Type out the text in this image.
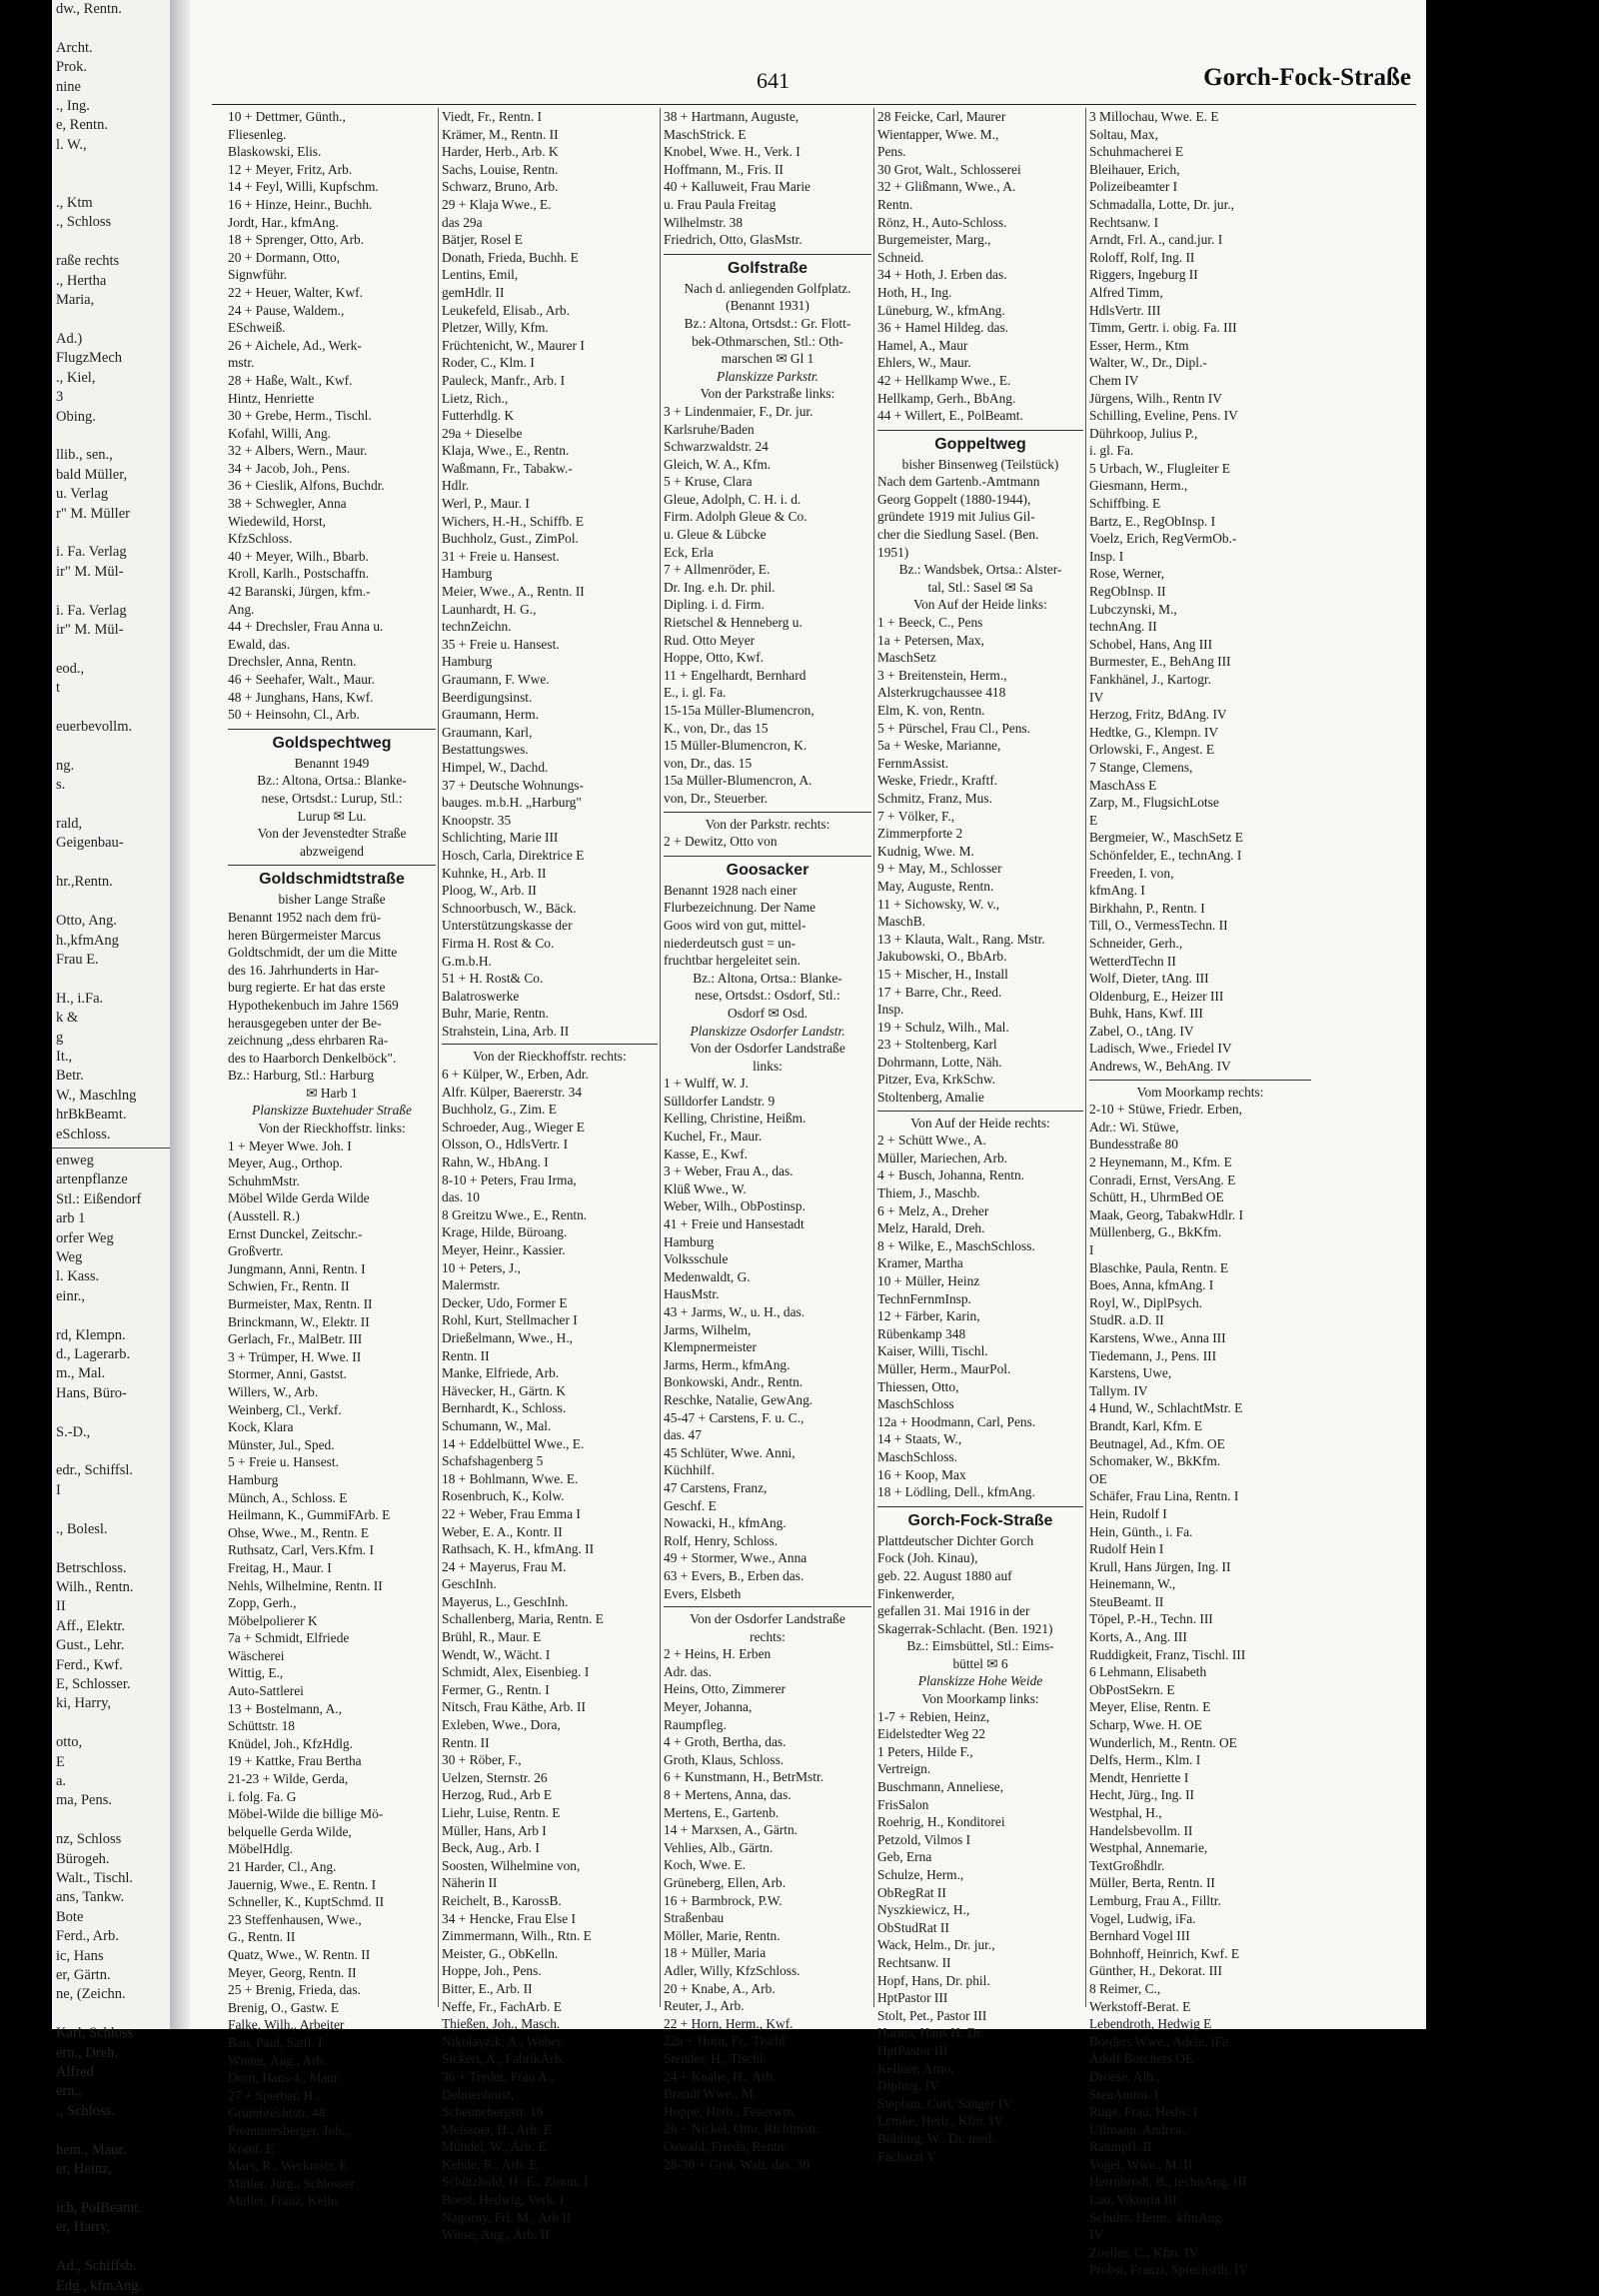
dw., Rentn.

Archt.
Prok.
nine
., Ing.
e, Rentn.
l. W.,

., Ktm
., Schloss

raße rechts
., Hertha
Maria,

Ad.)
FlugzMech
., Kiel,
3
Obing.

llib., sen.,
bald Müller,
u. Verlag
r" M. Müller

i. Fa. Verlag
ir" M. Mül-

i. Fa. Verlag
ir" M. Mül-

eod.,
t

euerbevollm.

ng.
s.

rald,
Geigenbau-

hr.,Rentn.

Otto, Ang.
h.,kfmAng
Frau E.

H., i.Fa.
k &
g
It.,
Betr.
W., Maschlng
hrBkBeamt.
eSchloss.
enweg
artenpflanze
Stl.: Eißendorf
arb 1
orfer Weg
Weg
l. Kass.
einr.,

rd, Klempn.
d., Lagerarb.
m., Mal.
Hans, Büro-

S.-D.,

edr., Schiffsl.
I

., Bolesl.

Betrschloss.
Wilh., Rentn.
II
Aff., Elektr.
Gust., Lehr.
Ferd., Kwf.
E, Schlosser.
ki, Harry,

otto,
E
a.
ma, Pens.

nz, Schloss
Bürogeh.
Walt., Tischl.
ans, Tankw.
Bote
Ferd., Arb.
ic, Hans
er, Gärtn.
ne, (Zeichn.

Karl, Schloss
ern., Dreh.
Alfred
ern.,
., Schloss.

hem., Maur.
er, Heinz,

ich, PolBeamt.
er, Harry,

Ad., Schiffsb.
Edg., kfmAng.
641	Gorch-Fock-Straße
10 + Dettmer, Günth.,
Fliesenleg.
Blaskowski, Elis.
12 + Meyer, Fritz, Arb.
14 + Feyl, Willi, Kupfschm.
16 + Hinze, Heinr., Buchh.
Jordt, Har., kfmAng.
18 + Sprenger, Otto, Arb.
20 + Dormann, Otto,
Signwführ.
22 + Heuer, Walter, Kwf.
24 + Pause, Waldem.,
ESchweiß.
26 + Aichele, Ad., Werk-
mstr.
28 + Haße, Walt., Kwf.
Hintz, Henriette
30 + Grebe, Herm., Tischl.
Kofahl, Willi, Ang.
32 + Albers, Wern., Maur.
34 + Jacob, Joh., Pens.
36 + Cieslik, Alfons, Buchdr.
38 + Schwegler, Anna
Wiedewild, Horst,
KfzSchloss.
40 + Meyer, Wilh., Bbarb.
Kroll, Karlh., Postschaffn.
42 Baranski, Jürgen, kfm.-
Ang.
44 + Drechsler, Frau Anna u.
Ewald, das.
Drechsler, Anna, Rentn.
46 + Seehafer, Walt., Maur.
48 + Junghans, Hans, Kwf.
50 + Heinsohn, Cl., Arb.
Goldspechtweg
Benannt 1949
Bz.: Altona, Ortsa.: Blanke-
nese, Ortsdst.: Lurup, Stl.:
Lurup ✉ Lu.
Von der Jevenstedter Straße
abzweigend
Goldschmidtstraße
bisher Lange Straße
Benannt 1952 nach dem frü-
heren Bürgermeister Marcus
Goldtschmidt, der um die Mitte
des 16. Jahrhunderts in Har-
burg regierte. Er hat das erste
Hypothekenbuch im Jahre 1569
herausgegeben unter der Be-
zeichnung „dess ehrbaren Ra-
des to Haarborch Denkelböck".
Bz.: Harburg, Stl.: Harburg
✉ Harb 1
Planskizze Buxtehuder Straße
Von der Rieckhoffstr. links:
1 + Meyer Wwe. Joh. I
Meyer, Aug., Orthop.
SchuhmMstr.
Möbel Wilde Gerda Wilde
(Ausstell. R.)
Ernst Dunckel, Zeitschr.-
Großvertr.
Jungmann, Anni, Rentn. I
Schwien, Fr., Rentn. II
Burmeister, Max, Rentn. II
Brinckmann, W., Elektr. II
Gerlach, Fr., MalBetr. III
3 + Trümper, H. Wwe. II
Stormer, Anni, Gastst.
Willers, W., Arb.
Weinberg, Cl., Verkf.
Kock, Klara
Münster, Jul., Sped.
5 + Freie u. Hansest.
Hamburg
Münch, A., Schloss. E
Heilmann, K., GummiFArb. E
Ohse, Wwe., M., Rentn. E
Ruthsatz, Carl, Vers.Kfm. I
Freitag, H., Maur. I
Nehls, Wilhelmine, Rentn. II
Zopp, Gerh.,
Möbelpolierer K
7a + Schmidt, Elfriede
Wäscherei
Wittig, E.,
Auto-Sattlerei
13 + Bostelmann, A.,
Schüttstr. 18
Knüdel, Joh., KfzHdlg.
19 + Kattke, Frau Bertha
21-23 + Wilde, Gerda,
i. folg. Fa. G
Möbel-Wilde die billige Mö-
belquelle Gerda Wilde,
MöbelHdlg.
21 Harder, Cl., Ang.
Jauernig, Wwe., E. Rentn. I
Schneller, K., KuptSchmd. II
23 Steffenhausen, Wwe.,
G., Rentn. II
Quatz, Wwe., W. Rentn. II
Meyer, Georg, Rentn. II
25 + Brenig, Frieda, das.
Brenig, O., Gastw. E
Falke, Wilh., Arbeiter
Bau, Paul, Sattl. I
Winter, Aug., Arb.
Dorn, Hans-J., Maur.
27 + Sperber, H.,
Grumbrechtstr. 48
Prommersberger, Joh.,
Kranf. E
Mars, R., Werkmstr. E
Müller, Jürg., Schlosser
Müller, Franz, Kelln.
Viedt, Fr., Rentn. I
Krämer, M., Rentn. II
Harder, Herb., Arb. K
Sachs, Louise, Rentn.
Schwarz, Bruno, Arb.
29 + Klaja Wwe., E.
das 29a
Bätjer, Rosel E
Donath, Frieda, Buchh. E
Lentins, Emil,
gemHdlr. II
Leukefeld, Elisab., Arb.
Pletzer, Willy, Kfm.
Früchtenicht, W., Maurer I
Roder, C., Klm. I
Pauleck, Manfr., Arb. I
Lietz, Rich.,
Futterhdlg. K
29a + Dieselbe
Klaja, Wwe., E., Rentn.
Waßmann, Fr., Tabakw.-
Hdlr.
Werl, P., Maur. I
Wichers, H.-H., Schiffb. E
Buchholz, Gust., ZimPol.
31 + Freie u. Hansest.
Hamburg
Meier, Wwe., A., Rentn. II
Launhardt, H. G.,
technZeichn.
35 + Freie u. Hansest.
Hamburg
Graumann, F. Wwe.
Beerdigungsinst.
Graumann, Herm.
Graumann, Karl,
Bestattungswes.
Himpel, W., Dachd.
37 + Deutsche Wohnungs-
bauges. m.b.H. „Harburg"
Knoopstr. 35
Schlichting, Marie III
Hosch, Carla, Direktrice E
Kuhnke, H., Arb. II
Ploog, W., Arb. II
Schnoorbusch, W., Bäck.
Unterstützungskasse der
Firma H. Rost & Co.
G.m.b.H.
51 + H. Rost& Co.
Balatroswerke
Buhr, Marie, Rentn.
Strahstein, Lina, Arb. II
Von der Rieckhoffstr. rechts:
6 + Külper, W., Erben, Adr.
Alfr. Külper, Baererstr. 34
Buchholz, G., Zim. E
Schroeder, Aug., Wieger E
Olsson, O., HdlsVertr. I
Rahn, W., HbAng. I
8-10 + Peters, Frau Irma,
das. 10
8 Greitzu Wwe., E., Rentn.
Krage, Hilde, Büroang.
Meyer, Heinr., Kassier.
10 + Peters, J.,
Malermstr.
Decker, Udo, Former E
Rohl, Kurt, Stellmacher I
Drießelmann, Wwe., H.,
Rentn. II
Manke, Elfriede, Arb.
Hävecker, H., Gärtn. K
Bernhardt, K., Schloss.
Schumann, W., Mal.
14 + Eddelbüttel Wwe., E.
Schafshagenberg 5
18 + Bohlmann, Wwe. E.
Rosenbruch, K., Kolw.
22 + Weber, Frau Emma I
Weber, E. A., Kontr. II
Rathsach, K. H., kfmAng. II
24 + Mayerus, Frau M.
GeschInh.
Mayerus, L., GeschInh.
Schallenberg, Maria, Rentn. E
Brühl, R., Maur. E
Wendt, W., Wächt. I
Schmidt, Alex, Eisenbieg. I
Fermer, G., Rentn. I
Nitsch, Frau Käthe, Arb. II
Exleben, Wwe., Dora,
Rentn. II
30 + Röber, F.,
Uelzen, Sternstr. 26
Herzog, Rud., Arb E
Liehr, Luise, Rentn. E
Müller, Hans, Arb I
Beck, Aug., Arb. I
Soosten, Wilhelmine von,
Näherin II
Reichelt, B., KarossB.
34 + Hencke, Frau Else I
Zimmermann, Wilh., Rtn. E
Meister, G., ObKelln.
Hoppe, Joh., Pens.
Bitter, E., Arb. II
Neffe, Fr., FachArb. E
Thießen, Joh., Masch.
Nikolayzik, A., Weber.
Sickert, A., FabrikArb.
36 + Treder, Frau A.,
Delmenhorst,
Scheunebergstr. 16
Meissner, H., Arb. E
Mündel, W., Arb. E
Kehde, R., Arb. E
Schützhold, H.-E., Zimm. I
Boest, Hedwig, Verk. I
Nagorny, Frl. M., Arb II
Wiese, Aug., Arb. II
38 + Hartmann, Auguste,
MaschStrick. E
Knobel, Wwe. H., Verk. I
Hoffmann, M., Fris. II
40 + Kalluweit, Frau Marie
u. Frau Paula Freitag
Wilhelmstr. 38
Friedrich, Otto, GlasMstr.
Golfstraße
Nach d. anliegenden Golfplatz.
(Benannt 1931)
Bz.: Altona, Ortsdst.: Gr. Flott-
bek-Othmarschen, Stl.: Oth-
marschen ✉ Gl 1
Planskizze Parkstr.
Von der Parkstraße links:
3 + Lindenmaier, F., Dr. jur.
Karlsruhe/Baden
Schwarzwaldstr. 24
Gleich, W. A., Kfm.
5 + Kruse, Clara
Gleue, Adolph, C. H. i. d.
Firm. Adolph Gleue & Co.
u. Gleue & Lübcke
Eck, Erla
7 + Allmenröder, E.
Dr. Ing. e.h. Dr. phil.
Dipling. i. d. Firm.
Rietschel & Henneberg u.
Rud. Otto Meyer
Hoppe, Otto, Kwf.
11 + Engelhardt, Bernhard
E., i. gl. Fa.
15-15a Müller-Blumencron,
K., von, Dr., das 15
15 Müller-Blumencron, K.
von, Dr., das. 15
15a Müller-Blumencron, A.
von, Dr., Steuerber.
Von der Parkstr. rechts:
2 + Dewitz, Otto von
Goosacker
Benannt 1928 nach einer
Flurbezeichnung. Der Name
Goos wird von gut, mittel-
niederdeutsch gust = un-
fruchtbar hergeleitet sein.
Bz.: Altona, Ortsa.: Blanke-
nese, Ortsdst.: Osdorf, Stl.:
Osdorf ✉ Osd.
Planskizze Osdorfer Landstr.
Von der Osdorfer Landstraße
links:
1 + Wulff, W. J.
Sülldorfer Landstr. 9
Kelling, Christine, Heißm.
Kuchel, Fr., Maur.
Kasse, E., Kwf.
3 + Weber, Frau A., das.
Klüß Wwe., W.
Weber, Wilh., ObPostinsp.
41 + Freie und Hansestadt
Hamburg
Volksschule
Medenwaldt, G.
HausMstr.
43 + Jarms, W., u. H., das.
Jarms, Wilhelm,
Klempnermeister
Jarms, Herm., kfmAng.
Bonkowski, Andr., Rentn.
Reschke, Natalie, GewAng.
45-47 + Carstens, F. u. C.,
das. 47
45 Schlüter, Wwe. Anni,
Küchhilf.
47 Carstens, Franz,
Geschf. E
Nowacki, H., kfmAng.
Rolf, Henry, Schloss.
49 + Stormer, Wwe., Anna
63 + Evers, B., Erben das.
Evers, Elsbeth
Von der Osdorfer Landstraße
rechts:
2 + Heins, H. Erben
Adr. das.
Heins, Otto, Zimmerer
Meyer, Johanna,
Raumpfleg.
4 + Groth, Bertha, das.
Groth, Klaus, Schloss.
6 + Kunstmann, H., BetrMstr.
8 + Mertens, Anna, das.
Mertens, E., Gartenb.
14 + Marxsen, A., Gärtn.
Vehlies, Alb., Gärtn.
Koch, Wwe. E.
Grüneberg, Ellen, Arb.
16 + Barmbrock, P.W.
Straßenbau
Möller, Marie, Rentn.
18 + Müller, Maria
Adler, Willy, KfzSchloss.
20 + Knabe, A., Arb.
Reuter, J., Arb.
22 + Horn, Herm., Kwf.
22a + Horn, Fr., Tischl.
Stender, H., Tischl.
24 + Knabe, H., Arb.
Brandt Wwe., M.
Hoppe, Herb., Feuerwm.
26 + Nickel, Otto, Richtmstr.
Oswald, Frieda, Rentn.
28-30 + Grot, Walt. das. 30
28 Feicke, Carl, Maurer
Wientapper, Wwe. M.,
Pens.
30 Grot, Walt., Schlosserei
32 + Glißmann, Wwe., A.
Rentn.
Rönz, H., Auto-Schloss.
Burgemeister, Marg.,
Schneid.
34 + Hoth, J. Erben das.
Hoth, H., Ing.
Lüneburg, W., kfmAng.
36 + Hamel Hildeg. das.
Hamel, A., Maur
Ehlers, W., Maur.
42 + Hellkamp Wwe., E.
Hellkamp, Gerh., BbAng.
44 + Willert, E., PolBeamt.
Goppeltweg
bisher Binsenweg (Teilstück)
Nach dem Gartenb.-Amtmann
Georg Goppelt (1880-1944),
gründete 1919 mit Julius Gil-
cher die Siedlung Sasel. (Ben.
1951)
Bz.: Wandsbek, Ortsa.: Alster-
tal, Stl.: Sasel ✉ Sa
Von Auf der Heide links:
1 + Beeck, C., Pens
1a + Petersen, Max,
MaschSetz
3 + Breitenstein, Herm.,
Alsterkrugchaussee 418
Elm, K. von, Rentn.
5 + Pürschel, Frau Cl., Pens.
5a + Weske, Marianne,
FernmAssist.
Weske, Friedr., Kraftf.
Schmitz, Franz, Mus.
7 + Völker, F.,
Zimmerpforte 2
Kudnig, Wwe. M.
9 + May, M., Schlosser
May, Auguste, Rentn.
11 + Sichowsky, W. v.,
MaschB.
13 + Klauta, Walt., Rang. Mstr.
Jakubowski, O., BbArb.
15 + Mischer, H., Install
17 + Barre, Chr., Reed.
Insp.
19 + Schulz, Wilh., Mal.
23 + Stoltenberg, Karl
Dohrmann, Lotte, Näh.
Pitzer, Eva, KrkSchw.
Stoltenberg, Amalie
Von Auf der Heide rechts:
2 + Schütt Wwe., A.
Müller, Mariechen, Arb.
4 + Busch, Johanna, Rentn.
Thiem, J., Maschb.
6 + Melz, A., Dreher
Melz, Harald, Dreh.
8 + Wilke, E., MaschSchloss.
Kramer, Martha
10 + Müller, Heinz
TechnFernmInsp.
12 + Färber, Karin,
Rübenkamp 348
Kaiser, Willi, Tischl.
Müller, Herm., MaurPol.
Thiessen, Otto,
MaschSchloss
12a + Hoodmann, Carl, Pens.
14 + Staats, W.,
MaschSchloss.
16 + Koop, Max
18 + Lödling, Dell., kfmAng.
Gorch-Fock-Straße
Plattdeutscher Dichter Gorch
Fock (Joh. Kinau),
geb. 22. August 1880 auf
Finkenwerder,
gefallen 31. Mai 1916 in der
Skagerrak-Schlacht. (Ben. 1921)
Bz.: Eimsbüttel, Stl.: Eims-
büttel ✉ 6
Planskizze Hohe Weide
Von Moorkamp links:
1-7 + Rebien, Heinz,
Eidelstedter Weg 22
1 Peters, Hilde F.,
Vertreign.
Buschmann, Anneliese,
FrisSalon
Roehrig, H., Konditorei
Petzold, Vilmos I
Geb, Erna
Schulze, Herm.,
ObRegRat II
Nyszkiewicz, H.,
ObStudRat II
Wack, Helm., Dr. jur.,
Rechtsanw. II
Hopf, Hans, Dr. phil.
HptPastor III
Stolt, Pet., Pastor III
Harms, Hans H. Dr.
HptPastor III
Kellner, Arno,
Dipling. IV
Stephan, Curt, Sänger IV
Lemke, Herb., Kfm. IV
Böhling, W., Dr. med.
Facharzt V
3 Millochau, Wwe. E. E
Soltau, Max,
Schuhmacherei E
Bleihauer, Erich,
Polizeibeamter I
Schmadalla, Lotte, Dr. jur.,
Rechtsanw. I
Arndt, Frl. A., cand.jur. I
Roloff, Rolf, Ing. II
Riggers, Ingeburg II
Alfred Timm,
HdlsVertr. III
Timm, Gertr. i. obig. Fa. III
Esser, Herm., Ktm
Walter, W., Dr., Dipl.-
Chem IV
Jürgens, Wilh., Rentn IV
Schilling, Eveline, Pens. IV
Dührkoop, Julius P.,
i. gl. Fa.
5 Urbach, W., Flugleiter E
Giesmann, Herm.,
Schiffbing. E
Bartz, E., RegObInsp. I
Voelz, Erich, RegVermOb.-
Insp. I
Rose, Werner,
RegObInsp. II
Lubczynski, M.,
technAng. II
Schobel, Hans, Ang III
Burmester, E., BehAng III
Fankhänel, J., Kartogr.
IV
Herzog, Fritz, BdAng. IV
Hedtke, G., Klempn. IV
Orlowski, F., Angest. E
7 Stange, Clemens,
MaschAss E
Zarp, M., FlugsichLotse
E
Bergmeier, W., MaschSetz E
Schönfelder, E., technAng. I
Freeden, I. von,
kfmAng. I
Birkhahn, P., Rentn. I
Till, O., VermessTechn. II
Schneider, Gerh.,
WetterdTechn II
Wolf, Dieter, tAng. III
Oldenburg, E., Heizer III
Buhk, Hans, Kwf. III
Zabel, O., tAng. IV
Ladisch, Wwe., Friedel IV
Andrews, W., BehAng. IV
Vom Moorkamp rechts:
2-10 + Stüwe, Friedr. Erben,
Adr.: Wi. Stüwe,
Bundesstraße 80
2 Heynemann, M., Kfm. E
Conradi, Ernst, VersAng. E
Schütt, H., UhrmBed OE
Maak, Georg, TabakwHdlr. I
Müllenberg, G., BkKfm.
I
Blaschke, Paula, Rentn. E
Boes, Anna, kfmAng. I
Royl, W., DiplPsych.
StudR. a.D. II
Karstens, Wwe., Anna III
Tiedemann, J., Pens. III
Karstens, Uwe,
Tallym. IV
4 Hund, W., SchlachtMstr. E
Brandt, Karl, Kfm. E
Beutnagel, Ad., Kfm. OE
Schomaker, W., BkKfm.
OE
Schäfer, Frau Lina, Rentn. I
Hein, Rudolf I
Hein, Günth., i. Fa.
Rudolf Hein I
Krull, Hans Jürgen, Ing. II
Heinemann, W.,
SteuBeamt. II
Töpel, P.-H., Techn. III
Korts, A., Ang. III
Ruddigkeit, Franz, Tischl. III
6 Lehmann, Elisabeth
ObPostSekrn. E
Meyer, Elise, Rentn. E
Scharp, Wwe. H. OE
Wunderlich, M., Rentn. OE
Delfs, Herm., Klm. I
Mendt, Henriette I
Hecht, Jürg., Ing. II
Westphal, H.,
Handelsbevollm. II
Westphal, Annemarie,
TextGroßhdlr.
Müller, Berta, Rentn. II
Lemburg, Frau A., Filltr.
Vogel, Ludwig, iFa.
Bernhard Vogel III
Bohnhoff, Heinrich, Kwf. E
Günther, H., Dekorat. III
8 Reimer, C.,
Werkstoff-Berat. E
Lebendroth, Hedwig E
Borders Wwe., Adele, iFa.
Adolf Borchers OE
Droese, Alb.,
SteuAmtm. I
Ruge, Frau, Hedw. I
Ullmann, Andrea,
Raumpfl. II
Vogel, Wwe., M. II
Herrnbrodt, B., technAng. III
Lau, Viktoria III
Schultz, Herm., kfmAng.
IV
Zoeller, C., Kfm. IV
Probst, Franzi, Sprechstlh. IV
